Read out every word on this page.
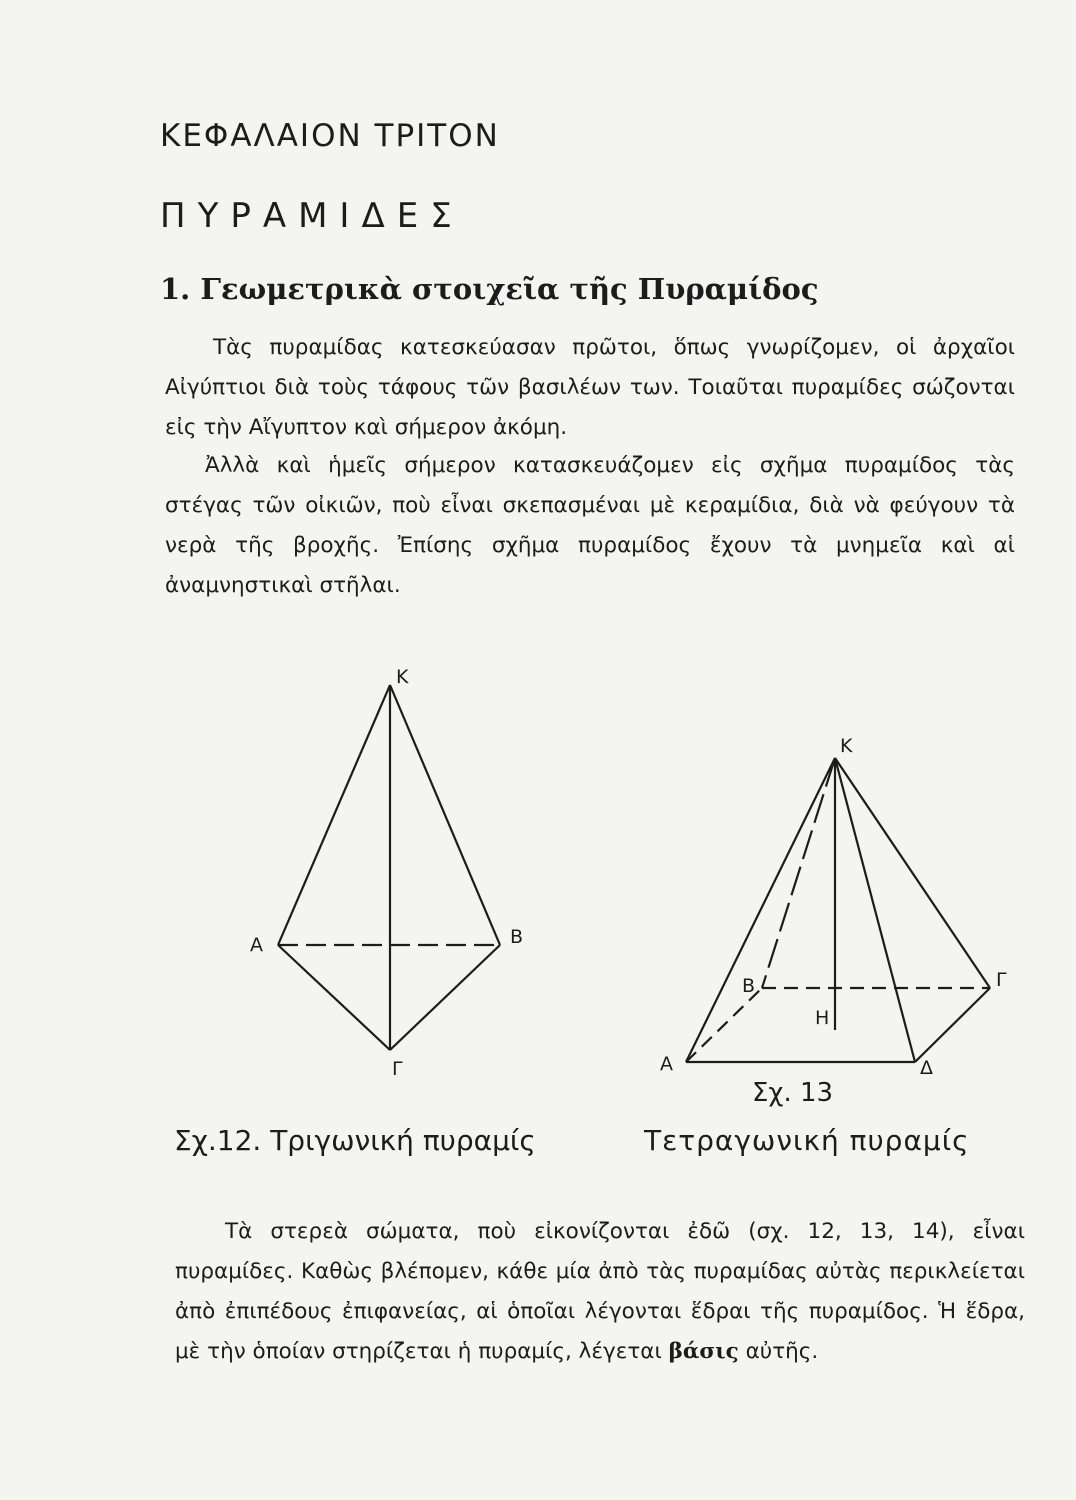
ΚΕΦΑΛΑΙΟΝ ΤΡΙΤΟΝ
ΠΥΡΑΜΙΔΕΣ
1. Γεωμετρικὰ στοιχεῖα τῆς Πυραμίδος

Τὰς πυραμίδας κατεσκεύασαν πρῶτοι, ὅπως γνωρίζομεν, οἱ ἀρχαῖοι Αἰγύπτιοι διὰ τοὺς τάφους τῶν βασιλέων των. Τοιαῦται πυραμίδες σώζονται εἰς τὴν Αἴγυπτον καὶ σήμερον ἀκόμη.

Ἀλλὰ καὶ ἡμεῖς σήμερον κατασκευάζομεν εἰς σχῆμα πυραμίδος τὰς στέγας τῶν οἰκιῶν, ποὺ εἶναι σκεπασμέναι μὲ κεραμίδια, διὰ νὰ φεύγουν τὰ νερὰ τῆς βροχῆς. Ἐπίσης σχῆμα πυραμίδος ἔχουν τὰ μνημεῖα καὶ αἱ ἀναμνηστικαὶ στῆλαι.

Κ
Α	Β
Γ
Κ
Β	Γ
Η
Α	Δ
Σχ. 13
Σχ.12. Τριγωνική πυραμίς	Τετραγωνική πυραμίς

Τὰ στερεὰ σώματα, ποὺ εἰκονίζονται ἐδῶ (σχ. 12, 13, 14), εἶναι πυραμίδες. Καθὼς βλέπομεν, κάθε μία ἀπὸ τὰς πυραμίδας αὐτὰς περικλείεται ἀπὸ ἐπιπέδους ἐπιφανείας, αἱ ὁποῖαι λέγονται ἕδραι τῆς πυραμίδος. Ἡ ἕδρα, μὲ τὴν ὁποίαν στηρίζεται ἡ πυραμίς, λέγεται βάσις αὐτῆς.
